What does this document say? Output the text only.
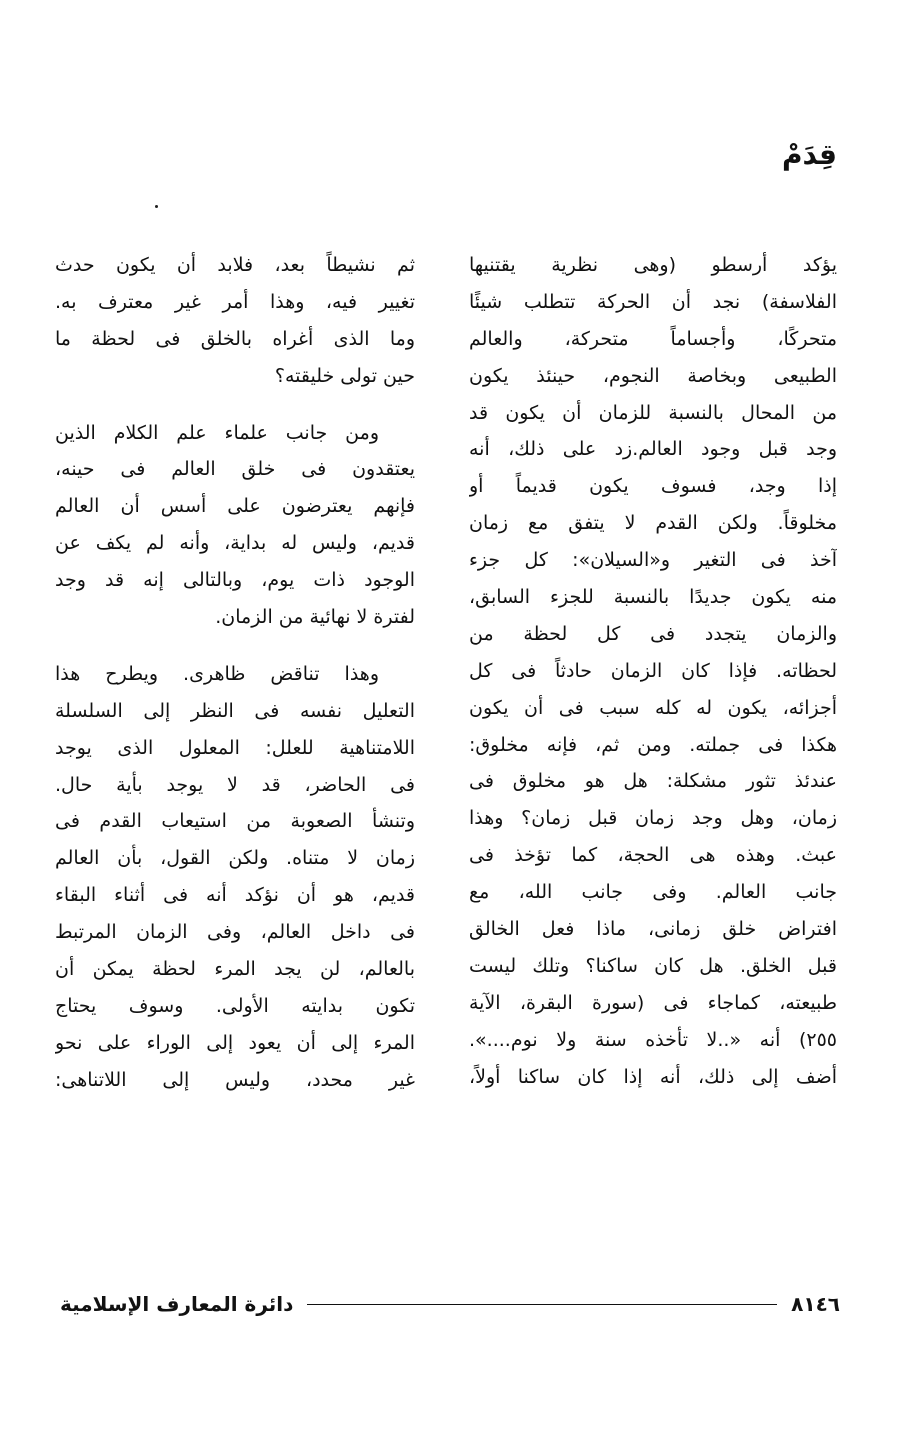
قِدَمْ
يؤكد أرسطو (وهى نظرية يقتنيها
الفلاسفة) نجد أن الحركة تتطلب شيئًا
متحركًا، وأجساماً متحركة، والعالم
الطبيعى وبخاصة النجوم، حينئذ يكون
من المحال بالنسبة للزمان أن يكون قد
وجد قبل وجود العالم.زد على ذلك، أنه
إذا وجد، فسوف يكون قديماً أو
مخلوقاً. ولكن القدم لا يتفق مع زمان
آخذ فى التغير و«السيلان»: كل جزء
منه يكون جديدًا بالنسبة للجزء السابق،
والزمان يتجدد فى كل لحظة من
لحظاته. فإذا كان الزمان حادثاً فى كل
أجزائه، يكون له كله سبب فى أن يكون
هكذا فى جملته. ومن ثم، فإنه مخلوق:
عندئذ تثور مشكلة: هل هو مخلوق فى
زمان، وهل وجد زمان قبل زمان؟ وهذا
عبث. وهذه هى الحجة، كما تؤخذ فى
جانب العالم. وفى جانب الله، مع
افتراض خلق زمانى، ماذا فعل الخالق
قبل الخلق. هل كان ساكنا؟ وتلك ليست
طبيعته، كماجاء فى (سورة البقرة، الآية
٢٥٥) أنه «..لا تأخذه سنة ولا نوم....».
أضف إلى ذلك، أنه إذا كان ساكنا أولاً،
ثم نشيطاً بعد، فلابد أن يكون حدث
تغيير فيه، وهذا أمر غير معترف به.
وما الذى أغراه بالخلق فى لحظة ما
حين تولى خليقته؟
ومن جانب علماء علم الكلام الذين
يعتقدون فى خلق العالم فى حينه،
فإنهم يعترضون على أسس أن العالم
قديم، وليس له بداية، وأنه لم يكف عن
الوجود ذات يوم، وبالتالى إنه قد وجد
لفترة لا نهائية من الزمان.
وهذا تناقض ظاهرى. ويطرح هذا
التعليل نفسه فى النظر إلى السلسلة
اللامتناهية للعلل: المعلول الذى يوجد
فى الحاضر، قد لا يوجد بأية حال.
وتنشأ الصعوبة من استيعاب القدم فى
زمان لا متناه. ولكن القول، بأن العالم
قديم، هو أن نؤكد أنه فى أثناء البقاء
فى داخل العالم، وفى الزمان المرتبط
بالعالم، لن يجد المرء لحظة يمكن أن
تكون بدايته الأولى. وسوف يحتاج
المرء إلى أن يعود إلى الوراء على نحو
غير محدد، وليس إلى اللاتناهى:
٨١٤٦
دائرة المعارف الإسلامية
